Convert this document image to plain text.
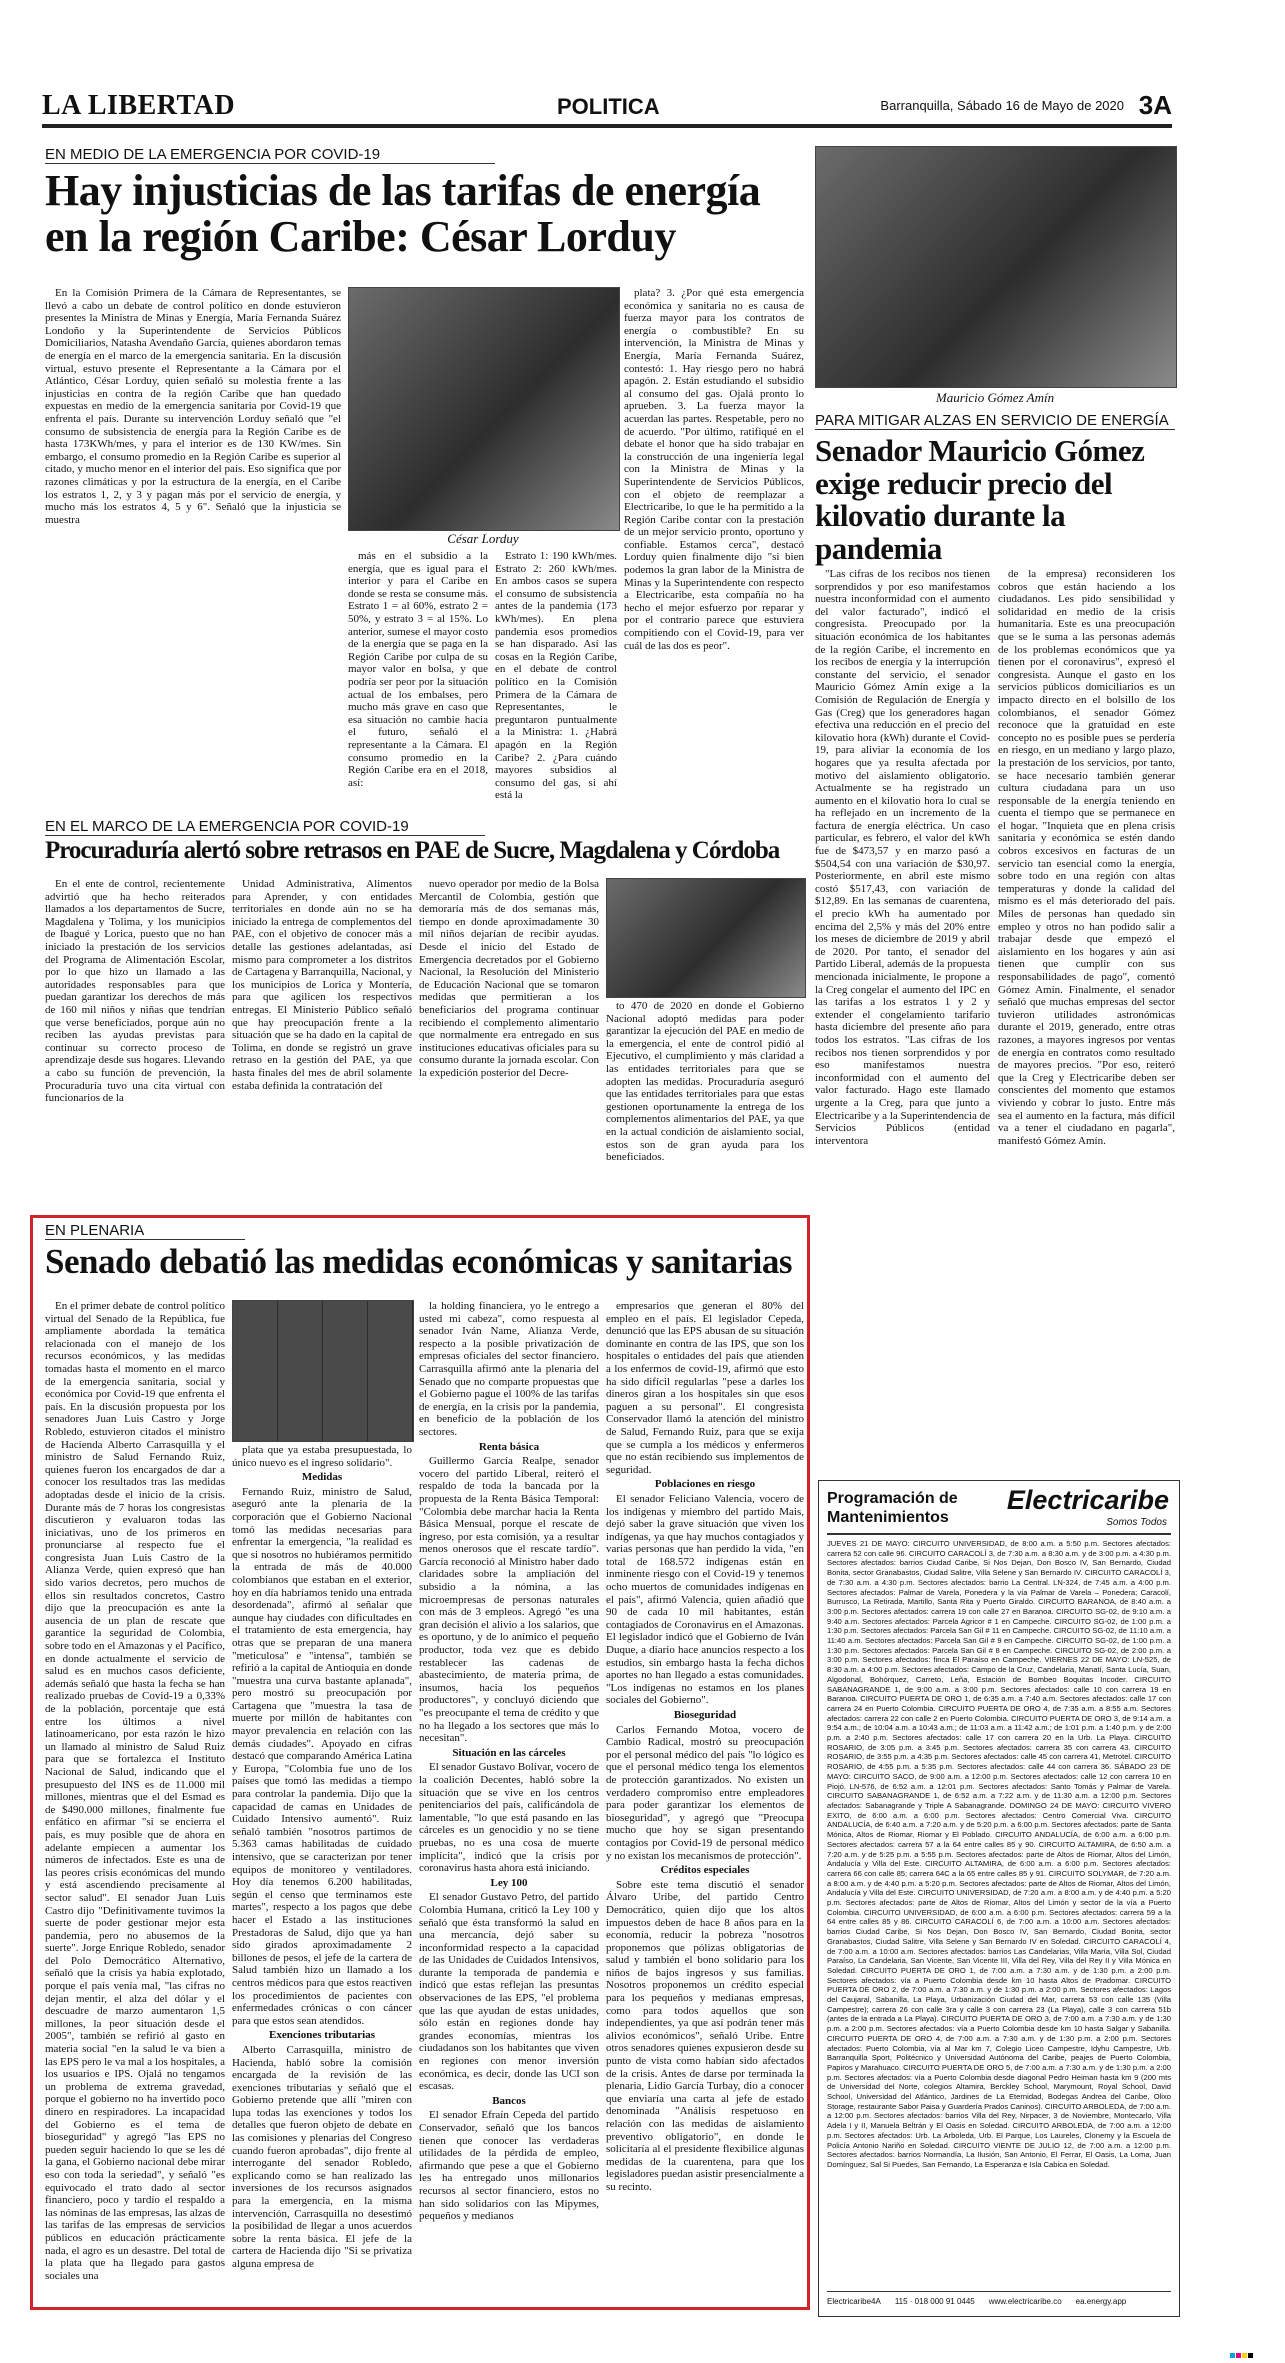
LA LIBERTAD	POLITICA	Barranquilla, Sábado 16 de Mayo de 2020 3A
EN MEDIO DE LA EMERGENCIA POR COVID-19
Hay injusticias de las tarifas de energía en la región Caribe: César Lorduy
César Lorduy

En la Comisión Primera de la Cámara de Representantes, se llevó a cabo un debate de control político en donde estuvieron presentes la Ministra de Minas y Energía, María Fernanda Suárez Londoño y la Superintendente de Servicios Públicos Domiciliarios, Natasha Avendaño García, quienes abordaron temas de energía en el marco de la emergencia sanitaria. En la discusión virtual, estuvo presente el Representante a la Cámara por el Atlántico, César Lorduy, quien señaló su molestia frente a las injusticias en contra de la región Caribe que han quedado expuestas en medio de la emergencia sanitaria por Covid-19 que enfrenta el país. Durante su intervención Lorduy señaló que "el consumo de subsistencia de energía para la Región Caribe es de hasta 173KWh/mes, y para el interior es de 130 KW/mes. Sin embargo, el consumo promedio en la Región Caribe es superior al citado, y mucho menor en el interior del país. Eso significa que por razones climáticas y por la estructura de la energía, en el Caribe los estratos 1, 2, y 3 y pagan más por el servicio de energía, y mucho más los estratos 4, 5 y 6". Señaló que la injusticia se muestra

más en el subsidio a la energía, que es igual para el interior y para el Caribe en donde se resta se consume más. Estrato 1 = al 60%, estrato 2 = 50%, y estrato 3 = al 15%. Lo anterior, sumese el mayor costo de la energía que se paga en la Región Caribe por culpa de su mayor valor en bolsa, y que podría ser peor por la situación actual de los embalses, pero mucho más grave en caso que esa situación no cambie hacia el futuro, señaló el representante a la Cámara. El consumo promedio en la Región Caribe era en el 2018, así:

Estrato 1: 190 kWh/mes. Estrato 2: 260 kWh/mes. En ambos casos se supera el consumo de subsistencia antes de la pandemia (173 kWh/mes). En plena pandemia esos promedios se han disparado. Así las cosas en la Región Caribe, en el debate de control político en la Comisión Primera de la Cámara de Representantes, le preguntaron puntualmente a la Ministra: 1. ¿Habrá apagón en la Región Caribe? 2. ¿Para cuándo mayores subsidios al consumo del gas, si ahí está la

plata? 3. ¿Por qué esta emergencia económica y sanitaria no es causa de fuerza mayor para los contratos de energía o combustible? En su intervención, la Ministra de Minas y Energía, María Fernanda Suárez, contestó: 1. Hay riesgo pero no habrá apagón. 2. Están estudiando el subsidio al consumo del gas. Ojalá pronto lo aprueben. 3. La fuerza mayor la acuerdan las partes. Respetable, pero no de acuerdo. "Por último, ratifiqué en el debate el honor que ha sido trabajar en la construcción de una ingeniería legal con la Ministra de Minas y la Superintendente de Servicios Públicos, con el objeto de reemplazar a Electricaribe, lo que le ha permitido a la Región Caribe contar con la prestación de un mejor servicio pronto, oportuno y confiable. Estamos cerca", destacó Lorduy quien finalmente dijo "si bien podemos la gran labor de la Ministra de Minas y la Superintendente con respecto a Electricaribe, esta compañía no ha hecho el mejor esfuerzo por reparar y por el contrario parece que estuviera compitiendo con el Covid-19, para ver cuál de las dos es peor".

Mauricio Gómez Amín
PARA MITIGAR ALZAS EN SERVICIO DE ENERGÍA
Senador Mauricio Gómez exige reducir precio del kilovatio durante la pandemia

"Las cifras de los recibos nos tienen sorprendidos y por eso manifestamos nuestra inconformidad con el aumento del valor facturado", indicó el congresista. Preocupado por la situación económica de los habitantes de la región Caribe, el incremento en los recibos de energía y la interrupción constante del servicio, el senador Mauricio Gómez Amín exige a la Comisión de Regulación de Energía y Gas (Creg) que los generadores hagan efectiva una reducción en el precio del kilovatio hora (kWh) durante el Covid-19, para aliviar la economía de los hogares que ya resulta afectada por motivo del aislamiento obligatorio. Actualmente se ha registrado un aumento en el kilovatio hora lo cual se ha reflejado en un incremento de la factura de energía eléctrica. Un caso particular, es febrero, el valor del kWh fue de $473,57 y en marzo pasó a $504,54 con una variación de $30,97. Posteriormente, en abril este mismo costó $517,43, con variación de $12,89. En las semanas de cuarentena, el precio kWh ha aumentado por encima del 2,5% y más del 20% entre los meses de diciembre de 2019 y abril de 2020. Por tanto, el senador del Partido Liberal, además de la propuesta mencionada inicialmente, le propone a la Creg congelar el aumento del IPC en las tarifas a los estratos 1 y 2 y extender el congelamiento tarifario hasta diciembre del presente año para todos los estratos. "Las cifras de los recibos nos tienen sorprendidos y por eso manifestamos nuestra inconformidad con el aumento del valor facturado. Hago este llamado urgente a la Creg, para que junto a Electricaribe y a la Superintendencia de Servicios Públicos (entidad interventora

de la empresa) reconsideren los cobros que están haciendo a los ciudadanos. Les pido sensibilidad y solidaridad en medio de la crisis humanitaria. Este es una preocupación que se le suma a las personas además de los problemas económicos que ya tienen por el coronavirus", expresó el congresista. Aunque el gasto en los servicios públicos domiciliarios es un impacto directo en el bolsillo de los colombianos, el senador Gómez reconoce que la gratuidad en este concepto no es posible pues se perdería en riesgo, en un mediano y largo plazo, la prestación de los servicios, por tanto, se hace necesario también generar cultura ciudadana para un uso responsable de la energía teniendo en cuenta el tiempo que se permanece en el hogar. "Inquieta que en plena crisis sanitaria y económica se estén dando cobros excesivos en facturas de un servicio tan esencial como la energía, sobre todo en una región con altas temperaturas y donde la calidad del mismo es el más deteriorado del país. Miles de personas han quedado sin empleo y otros no han podido salir a trabajar desde que empezó el aislamiento en los hogares y aún así tienen que cumplir con sus responsabilidades de pago", comentó Gómez Amín. Finalmente, el senador señaló que muchas empresas del sector tuvieron utilidades astronómicas durante el 2019, generado, entre otras razones, a mayores ingresos por ventas de energía en contratos como resultado de mayores precios. "Por eso, reiteró que la Creg y Electricaribe deben ser conscientes del momento que estamos viviendo y cobrar lo justo. Entre más sea el aumento en la factura, más difícil va a tener el ciudadano en pagarla", manifestó Gómez Amín.

EN EL MARCO DE LA EMERGENCIA POR COVID-19
Procuraduría alertó sobre retrasos en PAE de Sucre, Magdalena y Córdoba

En el ente de control, recientemente advirtió que ha hecho reiterados llamados a los departamentos de Sucre, Magdalena y Tolima, y los municipios de Ibagué y Lorica, puesto que no han iniciado la prestación de los servicios del Programa de Alimentación Escolar, por lo que hizo un llamado a las autoridades responsables para que puedan garantizar los derechos de más de 160 mil niños y niñas que tendrían que verse beneficiados, porque aún no reciben las ayudas previstas para continuar su correcto proceso de aprendizaje desde sus hogares. Llevando a cabo su función de prevención, la Procuraduría tuvo una cita virtual con funcionarios de la

Unidad Administrativa, Alimentos para Aprender, y con entidades territoriales en donde aún no se ha iniciado la entrega de complementos del PAE, con el objetivo de conocer más a detalle las gestiones adelantadas, así mismo para comprometer a los distritos de Cartagena y Barranquilla, Nacional, y los municipios de Lorica y Montería, para que agilicen los respectivos entregas. El Ministerio Público señaló que hay preocupación frente a la situación que se ha dado en la capital de Tolima, en donde se registró un grave retraso en la gestión del PAE, ya que hasta finales del mes de abril solamente estaba definida la contratación del

nuevo operador por medio de la Bolsa Mercantil de Colombia, gestión que demoraría más de dos semanas más, tiempo en donde aproximadamente 30 mil niños dejarían de recibir ayudas. Desde el inicio del Estado de Emergencia decretados por el Gobierno Nacional, la Resolución del Ministerio de Educación Nacional que se tomaron medidas que permitieran a los beneficiarios del programa continuar recibiendo el complemento alimentario que normalmente era entregado en sus instituciones educativas oficiales para su consumo durante la jornada escolar. Con la expedición posterior del Decre-

to 470 de 2020 en donde el Gobierno Nacional adoptó medidas para poder garantizar la ejecución del PAE en medio de la emergencia, el ente de control pidió al Ejecutivo, el cumplimiento y más claridad a las entidades territoriales para que se adopten las medidas. Procuraduría aseguró que las entidades territoriales para que estas gestionen oportunamente la entrega de los complementos alimentarios del PAE, ya que en la actual condición de aislamiento social, estos son de gran ayuda para los beneficiados.

EN PLENARIA
Senado debatió las medidas económicas y sanitarias

En el primer debate de control político virtual del Senado de la República, fue ampliamente abordada la temática relacionada con el manejo de los recursos económicos, y las medidas tomadas hasta el momento en el marco de la emergencia sanitaria, social y económica por Covid-19 que enfrenta el país. En la discusión propuesta por los senadores Juan Luis Castro y Jorge Robledo, estuvieron citados el ministro de Hacienda Alberto Carrasquilla y el ministro de Salud Fernando Ruiz, quienes fueron los encargados de dar a conocer los resultados tras las medidas adoptadas desde el inicio de la crisis. Durante más de 7 horas los congresistas discutieron y evaluaron todas las iniciativas, uno de los primeros en pronunciarse al respecto fue el congresista Juan Luis Castro de la Alianza Verde, quien expresó que han sido varios decretos, pero muchos de ellos sin resultados concretos, Castro dijo que la preocupación es ante la ausencia de un plan de rescate que garantice la seguridad de Colombia, sobre todo en el Amazonas y el Pacífico, en donde actualmente el servicio de salud es en muchos casos deficiente, además señaló que hasta la fecha se han realizado pruebas de Covid-19 a 0,33% de la población, porcentaje que está entre los últimos a nivel latinoamericano, por esta razón le hizo un llamado al ministro de Salud Ruiz para que se fortalezca el Instituto Nacional de Salud, indicando que el presupuesto del INS es de 11.000 mil millones, mientras que el del Esmad es de $490.000 millones, finalmente fue enfático en afirmar "si se encierra el país, es muy posible que de ahora en adelante empiecen a aumentar los números de infectados. Este es una de las peores crisis económicas del mundo y está ascendiendo precisamente al sector salud". El senador Juan Luis Castro dijo "Definitivamente tuvimos la suerte de poder gestionar mejor esta pandemia, pero no abusemos de la suerte". Jorge Enrique Robledo, senador del Polo Democrático Alternativo, señaló que la crisis ya había explotado, porque el país venía mal, "las cifras no dejan mentir, el alza del dólar y el descuadre de marzo aumentaron 1,5 millones, la peor situación desde el 2005", también se refirió al gasto en materia social "en la salud le va bien a las EPS pero le va mal a los hospitales, a los usuarios e IPS. Ojalá no tengamos un problema de extrema gravedad, porque el gobierno no ha invertido poco dinero en respiradores. La incapacidad del Gobierno es el tema de bioseguridad" y agregó "las EPS no pueden seguir haciendo lo que se les dé la gana, el Gobierno nacional debe mirar eso con toda la seriedad", y señaló "es equivocado el trato dado al sector financiero, poco y tardío el respaldo a las nóminas de las empresas, las alzas de las tarifas de las empresas de servicios públicos en educación prácticamente nada, el agro es un desastre. Del total de la plata que ha llegado para gastos sociales una

plata que ya estaba presupuestada, lo único nuevo es el ingreso solidario".

Medidas

Fernando Ruiz, ministro de Salud, aseguró ante la plenaria de la corporación que el Gobierno Nacional tomó las medidas necesarias para enfrentar la emergencia, "la realidad es que si nosotros no hubiéramos permitido la entrada de más de 40.000 colombianos que estaban en el exterior, hoy en día habríamos tenido una entrada desordenada", afirmó al señalar que aunque hay ciudades con dificultades en el tratamiento de esta emergencia, hay otras que se preparan de una manera "meticulosa" e "intensa", también se refirió a la capital de Antioquia en donde "muestra una curva bastante aplanada", pero mostró su preocupación por Cartagena que "muestra la tasa de muerte por millón de habitantes con mayor prevalencia en relación con las demás ciudades". Apoyado en cifras destacó que comparando América Latina y Europa, "Colombia fue uno de los países que tomó las medidas a tiempo para controlar la pandemia. Dijo que la capacidad de camas en Unidades de Cuidado Intensivo aumentó". Ruiz señaló también "nosotros partimos de 5.363 camas habilitadas de cuidado intensivo, que se caracterizan por tener equipos de monitoreo y ventiladores. Hoy día tenemos 6.200 habilitadas, según el censo que terminamos este martes", respecto a los pagos que debe hacer el Estado a las instituciones Prestadoras de Salud, dijo que ya han sido girados aproximadamente 2 billones de pesos, el jefe de la cartera de Salud también hizo un llamado a los centros médicos para que estos reactiven los procedimientos de pacientes con enfermedades crónicas o con cáncer para que estos sean atendidos.

Exenciones tributarias

Alberto Carrasquilla, ministro de Hacienda, habló sobre la comisión encargada de la revisión de las exenciones tributarias y señaló que el Gobierno pretende que allí "miren con lupa todas las exenciones y todos los detalles que fueron objeto de debate en las comisiones y plenarias del Congreso cuando fueron aprobadas", dijo frente al interrogante del senador Robledo, explicando como se han realizado las inversiones de los recursos asignados para la emergencia, en la misma intervención, Carrasquilla no desestimó la posibilidad de llegar a unos acuerdos sobre la renta básica. El jefe de la cartera de Hacienda dijo "Si se privatiza alguna empresa de

la holding financiera, yo le entrego a usted mi cabeza", como respuesta al senador Iván Name, Alianza Verde, respecto a la posible privatización de empresas oficiales del sector financiero. Carrasquilla afirmó ante la plenaria del Senado que no comparte propuestas que el Gobierno pague el 100% de las tarifas de energía, en la crisis por la pandemia, en beneficio de la población de los sectores.

Renta básica

Guillermo García Realpe, senador vocero del partido Liberal, reiteró el respaldo de toda la bancada por la propuesta de la Renta Básica Temporal: "Colombia debe marchar hacia la Renta Básica Mensual, porque el rescate de ingreso, por esta comisión, ya a resultar menos onerosos que el rescate tardío". García reconoció al Ministro haber dado claridades sobre la ampliación del subsidio a la nómina, a las microempresas de personas naturales con más de 3 empleos. Agregó "es una gran decisión el alivio a los salarios, que es oportuno, y de lo anímico el pequeño productor, toda vez que es debido restablecer las cadenas de abastecimiento, de materia prima, de insumos, hacia los pequeños productores", y concluyó diciendo que "es preocupante el tema de crédito y que no ha llegado a los sectores que más lo necesitan".

Situación en las cárceles

El senador Gustavo Bolívar, vocero de la coalición Decentes, habló sobre la situación que se vive en los centros penitenciarios del país, calificándola de lamentable, "lo que está pasando en las cárceles es un genocidio y no se tiene pruebas, no es una cosa de muerte implícita", indicó que la crisis por coronavirus hasta ahora está iniciando.

Ley 100

El senador Gustavo Petro, del partido Colombia Humana, criticó la Ley 100 y señaló que ésta transformó la salud en una mercancía, dejó saber su inconformidad respecto a la capacidad de las Unidades de Cuidados Intensivos, durante la temporada de pandemia e indicó que estas reflejan las presuntas observaciones de las EPS, "el problema que las que ayudan de estas unidades, sólo están en regiones donde hay grandes economías, mientras los ciudadanos son los habitantes que viven en regiones con menor inversión económica, es decir, donde las UCI son escasas.

Bancos

El senador Efraín Cepeda del partido Conservador, señaló que los bancos tienen que conocer las verdaderas utilidades de la pérdida de empleo, afirmando que pese a que el Gobierno les ha entregado unos millonarios recursos al sector financiero, estos no han sido solidarios con las Mipymes, pequeños y medianos

empresarios que generan el 80% del empleo en el país. El legislador Cepeda, denunció que las EPS abusan de su situación dominante en contra de las IPS, que son los hospitales o entidades del país que atienden a los enfermos de covid-19, afirmó que esto ha sido difícil regularlas "pese a darles los dineros giran a los hospitales sin que esos paguen a su personal". El congresista Conservador llamó la atención del ministro de Salud, Fernando Ruiz, para que se exija que se cumpla a los médicos y enfermeros que no están recibiendo sus implementos de seguridad.

Poblaciones en riesgo

El senador Feliciano Valencia, vocero de los indígenas y miembro del partido Mais, dejó saber la grave situación que viven los indígenas, ya que hay muchos contagiados y varias personas que han perdido la vida, "en total de 168.572 indígenas están en inminente riesgo con el Covid-19 y tenemos ocho muertos de comunidades indígenas en el país", afirmó Valencia, quien añadió que 90 de cada 10 mil habitantes, están contagiados de Coronavirus en el Amazonas. El legislador indicó que el Gobierno de Iván Duque, a diario hace anuncios respecto a los estudios, sin embargo hasta la fecha dichos aportes no han llegado a estas comunidades. "Los indígenas no estamos en los planes sociales del Gobierno".

Bioseguridad

Carlos Fernando Motoa, vocero de Cambio Radical, mostró su preocupación por el personal médico del país "lo lógico es que el personal médico tenga los elementos de protección garantizados. No existen un verdadero compromiso entre empleadores para poder garantizar los elementos de bioseguridad", y agregó que "Preocupa mucho que hoy se sigan presentando contagios por Covid-19 de personal médico y no existan los mecanismos de protección".

Créditos especiales

Sobre este tema discutió el senador Álvaro Uribe, del partido Centro Democrático, quien dijo que los altos impuestos deben de hace 8 años para en la economía, reducir la pobreza "nosotros proponemos que pólizas obligatorias de salud y también el bono solidario para los niños de bajos ingresos y sus familias. Nosotros proponemos un crédito especial para los pequeños y medianas empresas, como para todos aquellos que son independientes, ya que así podrán tener más alivios económicos", señaló Uribe. Entre otros senadores quienes expusieron desde su punto de vista como habían sido afectados de la crisis. Antes de darse por terminada la plenaria, Lidio García Turbay, dio a conocer que enviaría una carta al jefe de estado denominada "Análisis respetuoso en relación con las medidas de aislamiento preventivo obligatorio", en donde le solicitaría al el presidente flexibilice algunas medidas de la cuarentena, para que los legisladores puedan asistir presencialmente a su recinto.

Programación de
Mantenimientos
Electricaribe
Somos Todos
JUEVES 21 DE MAYO: CIRCUITO UNIVERSIDAD, de 8:00 a.m. a 5:50 p.m. Sectores afectados: carrera 52 con calle 96. CIRCUITO CARACOLÍ 3, de 7:30 a.m. a 8:30 a.m. y de 3:00 p.m. a 4:30 p.m. Sectores afectados: barrios Ciudad Caribe, Si Nos Dejan, Don Bosco IV, San Bernardo, Ciudad Bonita, sector Granabastos, Ciudad Salitre, Villa Selene y San Bernardo IV. CIRCUITO CARACOLÍ 3, de 7:30 a.m. a 4:30 p.m. Sectores afectados: barrio La Central. LN-324, de 7:45 a.m. a 4:00 p.m. Sectores afectados: Palmar de Varela, Ponedera y la vía Palmar de Varela – Ponedera; Caracolí, Burrusco, La Retirada, Martillo, Santa Rita y Puerto Giraldo. CIRCUITO BARANOA, de 8:40 a.m. a 3:00 p.m. Sectores afectados: carrera 19 con calle 27 en Baranoa. CIRCUITO SG-02, de 9:10 a.m. a 9:40 a.m. Sectores afectados: Parcela Agricor # 1 en Campeche. CIRCUITO SG-02, de 1:00 p.m. a 1:30 p.m. Sectores afectados: Parcela San Gil # 11 en Campeche. CIRCUITO SG-02, de 11:10 a.m. a 11:40 a.m. Sectores afectados: Parcela San Gil # 9 en Campeche. CIRCUITO SG-02, de 1:00 p.m. a 1:30 p.m. Sectores afectados: Parcela San Gil # 8 en Campeche. CIRCUITO SG-02, de 2:00 p.m. a 3:00 p.m. Sectores afectados: finca El Paraíso en Campeche. VIERNES 22 DE MAYO: LN-525, de 8:30 a.m. a 4:00 p.m. Sectores afectados: Campo de la Cruz, Candelaria, Manatí, Santa Lucía, Suan, Algodonal, Bohórquez, Carreto, Leña, Estación de Bombeo Boquitas Incoder. CIRCUITO SABANAGRANDE 1, de 9:00 a.m. a 3:00 p.m. Sectores afectados: calle 10 con carrera 19 en Baranoa. CIRCUITO PUERTA DE ORO 1, de 6:35 a.m. a 7:40 a.m. Sectores afectados: calle 17 con carrera 24 en Puerto Colombia. CIRCUITO PUERTA DE ORO 4, de 7:35 a.m. a 8:55 a.m. Sectores afectados: carrera 22 con calle 2 en Puerto Colombia. CIRCUITO PUERTA DE ORO 3, de 9:14 a.m. a 9:54 a.m.; de 10:04 a.m. a 10:43 a.m.; de 11:03 a.m. a 11:42 a.m.; de 1:01 p.m. a 1:40 p.m. y de 2:00 p.m. a 2:40 p.m. Sectores afectados: calle 17 con carrera 20 en la Urb. La Playa. CIRCUITO ROSARIO, de 3:05 p.m. a 3:45 p.m. Sectores afectados: carrera 35 con carrera 43. CIRCUITO ROSARIO, de 3:55 p.m. a 4:35 p.m. Sectores afectados: calle 45 con carrera 41, Metrotel. CIRCUITO ROSARIO, de 4:55 p.m. a 5:35 p.m. Sectores afectados: calle 44 con carrera 36. SÁBADO 23 DE MAYO: CIRCUITO SACO, de 9:00 a.m. a 12:00 p.m. Sectores afectados: calle 12 con carrera 10 en Piojó. LN-576, de 6:52 a.m. a 12:01 p.m. Sectores afectados: Santo Tomás y Palmar de Varela. CIRCUITO SABANAGRANDE 1, de 6:52 a.m. a 7:22 a.m. y de 11:30 a.m. a 12:00 p.m. Sectores afectados: Sabanagrande y Triple A Sabanagrande. DOMINGO 24 DE MAYO: CIRCUITO VIVERO EXITO, de 6:00 a.m. a 6:00 p.m. Sectores afectados: Centro Comercial Viva. CIRCUITO ANDALUCÍA, de 6:40 a.m. a 7:20 a.m. y de 5:20 p.m. a 6:00 p.m. Sectores afectados: parte de Santa Mónica, Altos de Riomar, Riomar y El Poblado. CIRCUITO ANDALUCÍA, de 6:00 a.m. a 6:00 p.m. Sectores afectados: carrera 57 a la 64 entre calles 85 y 90. CIRCUITO ALTAMIRA, de 6:50 a.m. a 7:20 a.m. y de 5:25 p.m. a 5:55 p.m. Sectores afectados: parte de Altos de Riomar, Altos del Limón, Andalucía y Villa del Este. CIRCUITO ALTAMIRA, de 6:00 a.m. a 6:00 p.m. Sectores afectados: carrera 66 con calle 85; carrera 64C a la 65 entre calles 85 y 91. CIRCUITO SOLYMAR, de 7:20 a.m. a 8:00 a.m. y de 4:40 p.m. a 5:20 p.m. Sectores afectados: parte de Altos de Riomar, Altos del Limón, Andalucía y Villa del Este. CIRCUITO UNIVERSIDAD, de 7:20 a.m. a 8:00 a.m. y de 4:40 p.m. a 5:20 p.m. Sectores afectados: parte de Altos de Riomar, Altos del Limón y sector de la vía a Puerto Colombia. CIRCUITO UNIVERSIDAD, de 6:00 a.m. a 6:00 p.m. Sectores afectados: carrera 59 a la 64 entre calles 85 y 86. CIRCUITO CARACOLÍ 6, de 7:00 a.m. a 10:00 a.m. Sectores afectados: barrios Ciudad Caribe, Si Nos Dejan, Don Bosco IV, San Bernardo, Ciudad Bonita, sector Granabastos, Ciudad Salitre, Villa Selene y San Bernardo IV en Soledad. CIRCUITO CARACOLÍ 4, de 7:00 a.m. a 10:00 a.m. Sectores afectados: barrios Las Candelarias, Villa María, Villa Sol, Ciudad Paraíso, La Candelaria, San Vicente, San Vicente III, Villa del Rey, Villa del Rey II y Villa Mónica en Soledad. CIRCUITO PUERTA DE ORO 1, de 7:00 a.m. a 7:30 a.m. y de 1:30 p.m. a 2:00 p.m. Sectores afectados: vía a Puerto Colombia desde km 10 hasta Altos de Pradomar. CIRCUITO PUERTA DE ORO 2, de 7:00 a.m. a 7:30 a.m. y de 1:30 p.m. a 2:00 p.m. Sectores afectados: Lagos del Caujaral, Sabanilla, La Playa, Urbanización Ciudad del Mar, carrera 53 con calle 135 (Villa Campestre); carrera 26 con calle 3ra y calle 3 con carrera 23 (La Playa), calle 3 con carrera 51b (antes de la entrada a La Playa). CIRCUITO PUERTA DE ORO 3, de 7:00 a.m. a 7:30 a.m. y de 1:30 p.m. a 2:00 p.m. Sectores afectados: vía a Puerto Colombia desde km 10 hasta Salgar y Sabanilla. CIRCUITO PUERTA DE ORO 4, de 7:00 a.m. a 7:30 a.m. y de 1:30 p.m. a 2:00 p.m. Sectores afectados: Puerto Colombia, vía al Mar km 7, Colegio Liceo Campestre, Idyhu Campestre, Urb. Barranquilla Sport, Politécnico y Universidad Autónoma del Caribe, peajes de Puerto Colombia, Papiros y Marahuaco. CIRCUITO PUERTA DE ORO 5, de 7:00 a.m. a 7:30 a.m. y de 1:30 p.m. a 2:00 p.m. Sectores afectados: vía a Puerto Colombia desde diagonal Pedro Heiman hasta km 9 (200 mts de Universidad del Norte, colegios Altamira, Berckley School, Marymount, Royal School, David School, Universidad del Atlántico, Jardines de La Eternidad, Bodegas Andrea del Caribe, Olixo Storage, restaurante Sabor Paisa y Guardería Prados Caninos). CIRCUITO ARBOLEDA, de 7:00 a.m. a 12:00 p.m. Sectores afectados: barrios Villa del Rey, Nirpacer, 3 de Noviembre, Montecarlo, Villa Adela I y II, Manuela Beltrán y El Oasis en Soledad. CIRCUITO ARBOLEDA, de 7:00 a.m. a 12:00 p.m. Sectores afectados: Urb. La Arboleda, Urb. El Parque, Los Laureles, Clonemy y la Escuela de Policía Antonio Nariño en Soledad. CIRCUITO VIENTE DE JULIO 12, de 7:00 a.m. a 12:00 p.m. Sectores afectados: barrios Normandía, La Ilusión, San Antonio, El Ferrar, El Oasis, La Loma, Juan Domínguez, Sal Si Puedes, San Fernando, La Esperanza e Isla Cabica en Soledad.
Electricaribe4A 115 · 018 000 91 0445 www.electricaribe.co ea.energy.app
